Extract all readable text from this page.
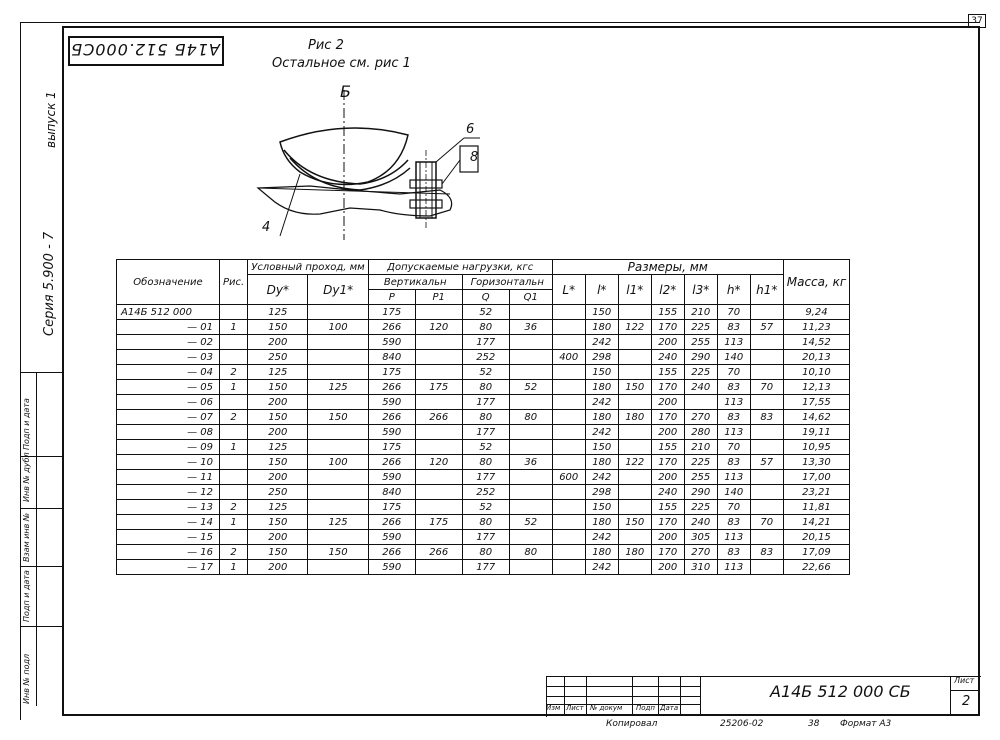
37
А14Б 512.000СБ
выпуск 1
Серия 5.900 - 7
Подп и дата
Инв № дубл
Взам инв №
Подп и дата
Инв № подл
Рис 2
Остальное см. рис 1
Б
6
8
4
Обозначение	Рис.	Условный проход, мм		Допускаемые нагрузки, кгс				Размеры, мм							Масса, кг
		Dу*	Dу1*	Вертикальн		Горизонтальн		L*	l*	l1*	l2*	l3*	h*	h1*	
				P	P1	Q	Q1								
А14Б 512 000		125		175		52			150		155	210	70		9,24
— 01	1	150	100	266	120	80	36		180	122	170	225	83	57	11,23
— 02		200		590		177			242		200	255	113		14,52
— 03		250		840		252		400	298		240	290	140		20,13
— 04	2	125		175		52			150		155	225	70		10,10
— 05	1	150	125	266	175	80	52		180	150	170	240	83	70	12,13
— 06		200		590		177			242		200		113		17,55
— 07	2	150	150	266	266	80	80		180	180	170	270	83	83	14,62
— 08		200		590		177			242		200	280	113		19,11
— 09	1	125		175		52			150		155	210	70		10,95
— 10		150	100	266	120	80	36		180	122	170	225	83	57	13,30
— 11		200		590		177		600	242		200	255	113		17,00
— 12		250		840		252			298		240	290	140		23,21
— 13	2	125		175		52			150		155	225	70		11,81
— 14	1	150	125	266	175	80	52		180	150	170	240	83	70	14,21
— 15		200		590		177			242		200	305	113		20,15
— 16	2	150	150	266	266	80	80		180	180	170	270	83	83	17,09
— 17	1	200		590		177			242		200	310	113		22,66
Изм Лист № докум Подп Дата
А14Б 512 000 СБ
Лист
2
Копировал	25206-02	38 Формат А3
